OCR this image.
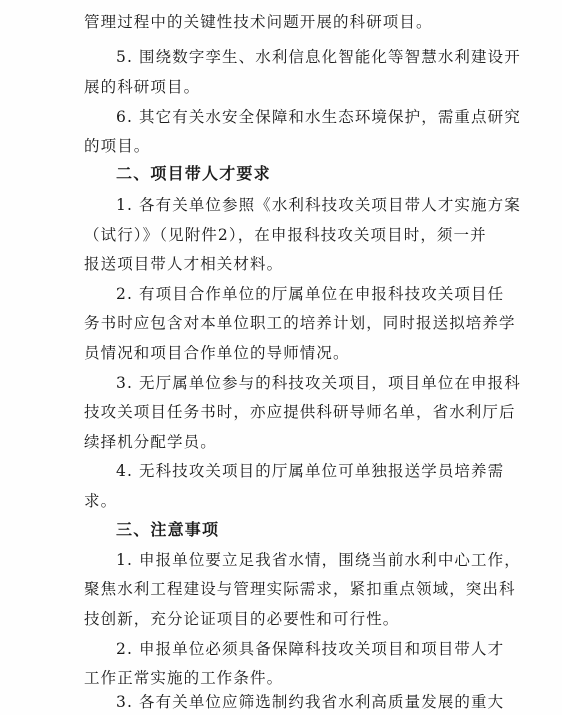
管理过程中的关键性技术问题开展的科研项目。
5. 围绕数字孪生、水利信息化智能化等智慧水利建设开
展的科研项目。
6. 其它有关水安全保障和水生态环境保护，需重点研究
的项目。
二、项目带人才要求
1. 各有关单位参照《水利科技攻关项目带人才实施方案
（试行）》（见附件2），在申报科技攻关项目时，须一并
报送项目带人才相关材料。
2. 有项目合作单位的厅属单位在申报科技攻关项目任
务书时应包含对本单位职工的培养计划，同时报送拟培养学
员情况和项目合作单位的导师情况。
3. 无厅属单位参与的科技攻关项目，项目单位在申报科
技攻关项目任务书时，亦应提供科研导师名单，省水利厅后
续择机分配学员。
4. 无科技攻关项目的厅属单位可单独报送学员培养需
求。
三、注意事项
1. 申报单位要立足我省水情，围绕当前水利中心工作，
聚焦水利工程建设与管理实际需求，紧扣重点领域，突出科
技创新，充分论证项目的必要性和可行性。
2. 申报单位必须具备保障科技攻关项目和项目带人才
工作正常实施的工作条件。
3. 各有关单位应筛选制约我省水利高质量发展的重大
